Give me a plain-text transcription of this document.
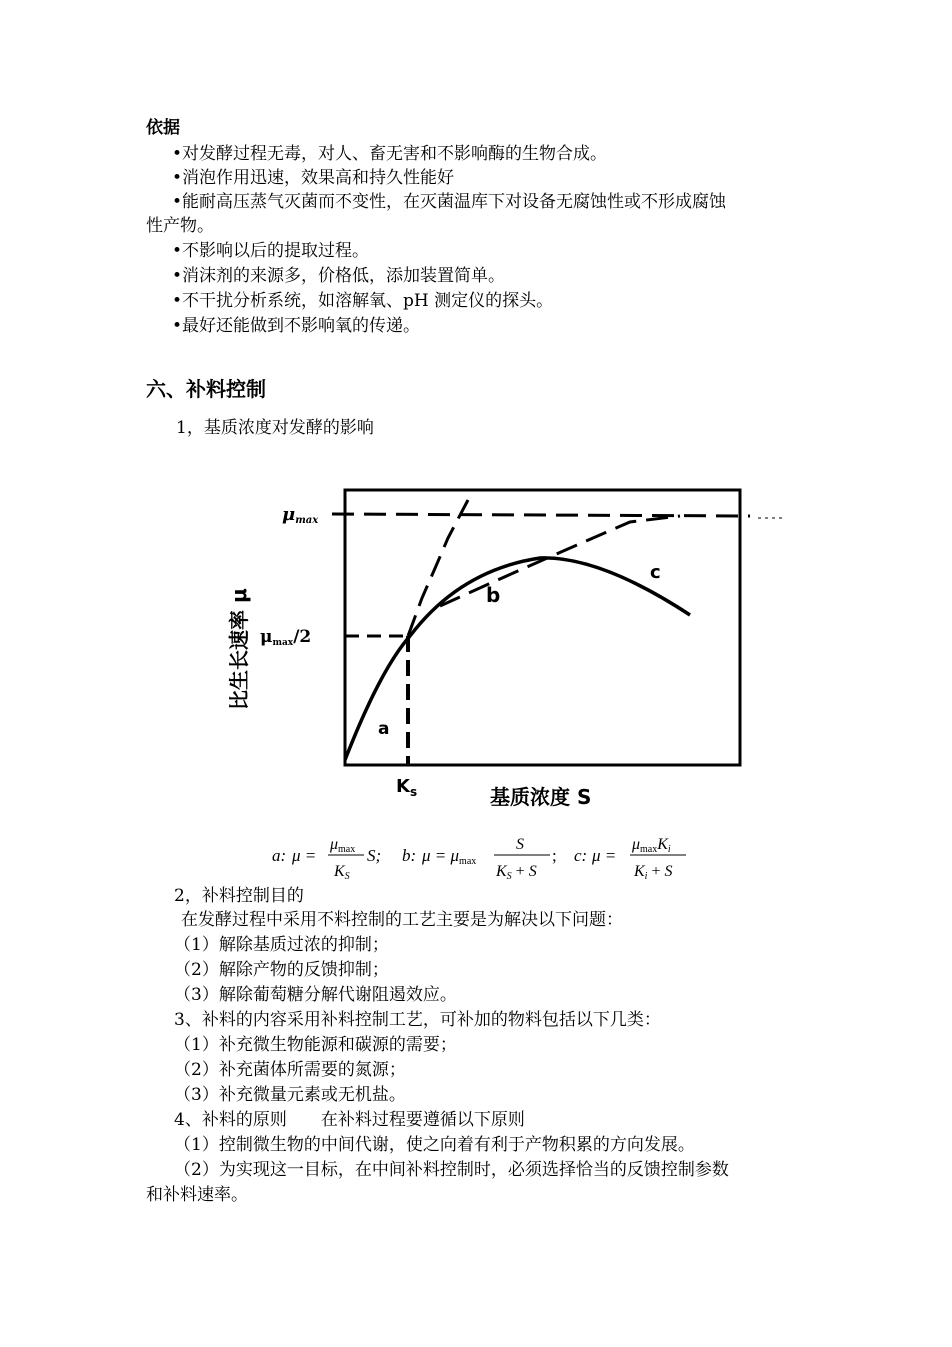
依据
•对发酵过程无毒，对人、畜无害和不影响酶的生物合成。
•消泡作用迅速，效果高和持久性能好
•能耐高压蒸气灭菌而不变性，在灭菌温库下对设备无腐蚀性或不形成腐蚀
性产物。
•不影响以后的提取过程。
•消沫剂的来源多，价格低，添加装置简单。
•不干扰分析系统，如溶解氧、pH 测定仪的探头。
•最好还能做到不影响氧的传递。
六、补料控制
1，基质浓度对发酵的影响
μmax
μmax/2
$K_s$
a
b
c
基质浓度 S
比生长速率 μ
a: μ =
μmax
KS
S; b: μ = μmax
S
KS + S
; c: μ =
μmaxKi
Ki + S
2，补料控制目的
在发酵过程中采用不料控制的工艺主要是为解决以下问题：
（1）解除基质过浓的抑制；
（2）解除产物的反馈抑制；
（3）解除葡萄糖分解代谢阻遏效应。
3、补料的内容采用补料控制工艺，可补加的物料包括以下几类：
（1）补充微生物能源和碳源的需要；
（2）补充菌体所需要的氮源；
（3）补充微量元素或无机盐。
4、补料的原则　　在补料过程要遵循以下原则
（1）控制微生物的中间代谢，使之向着有利于产物积累的方向发展。
（2）为实现这一目标，在中间补料控制时，必须选择恰当的反馈控制参数
和补料速率。
